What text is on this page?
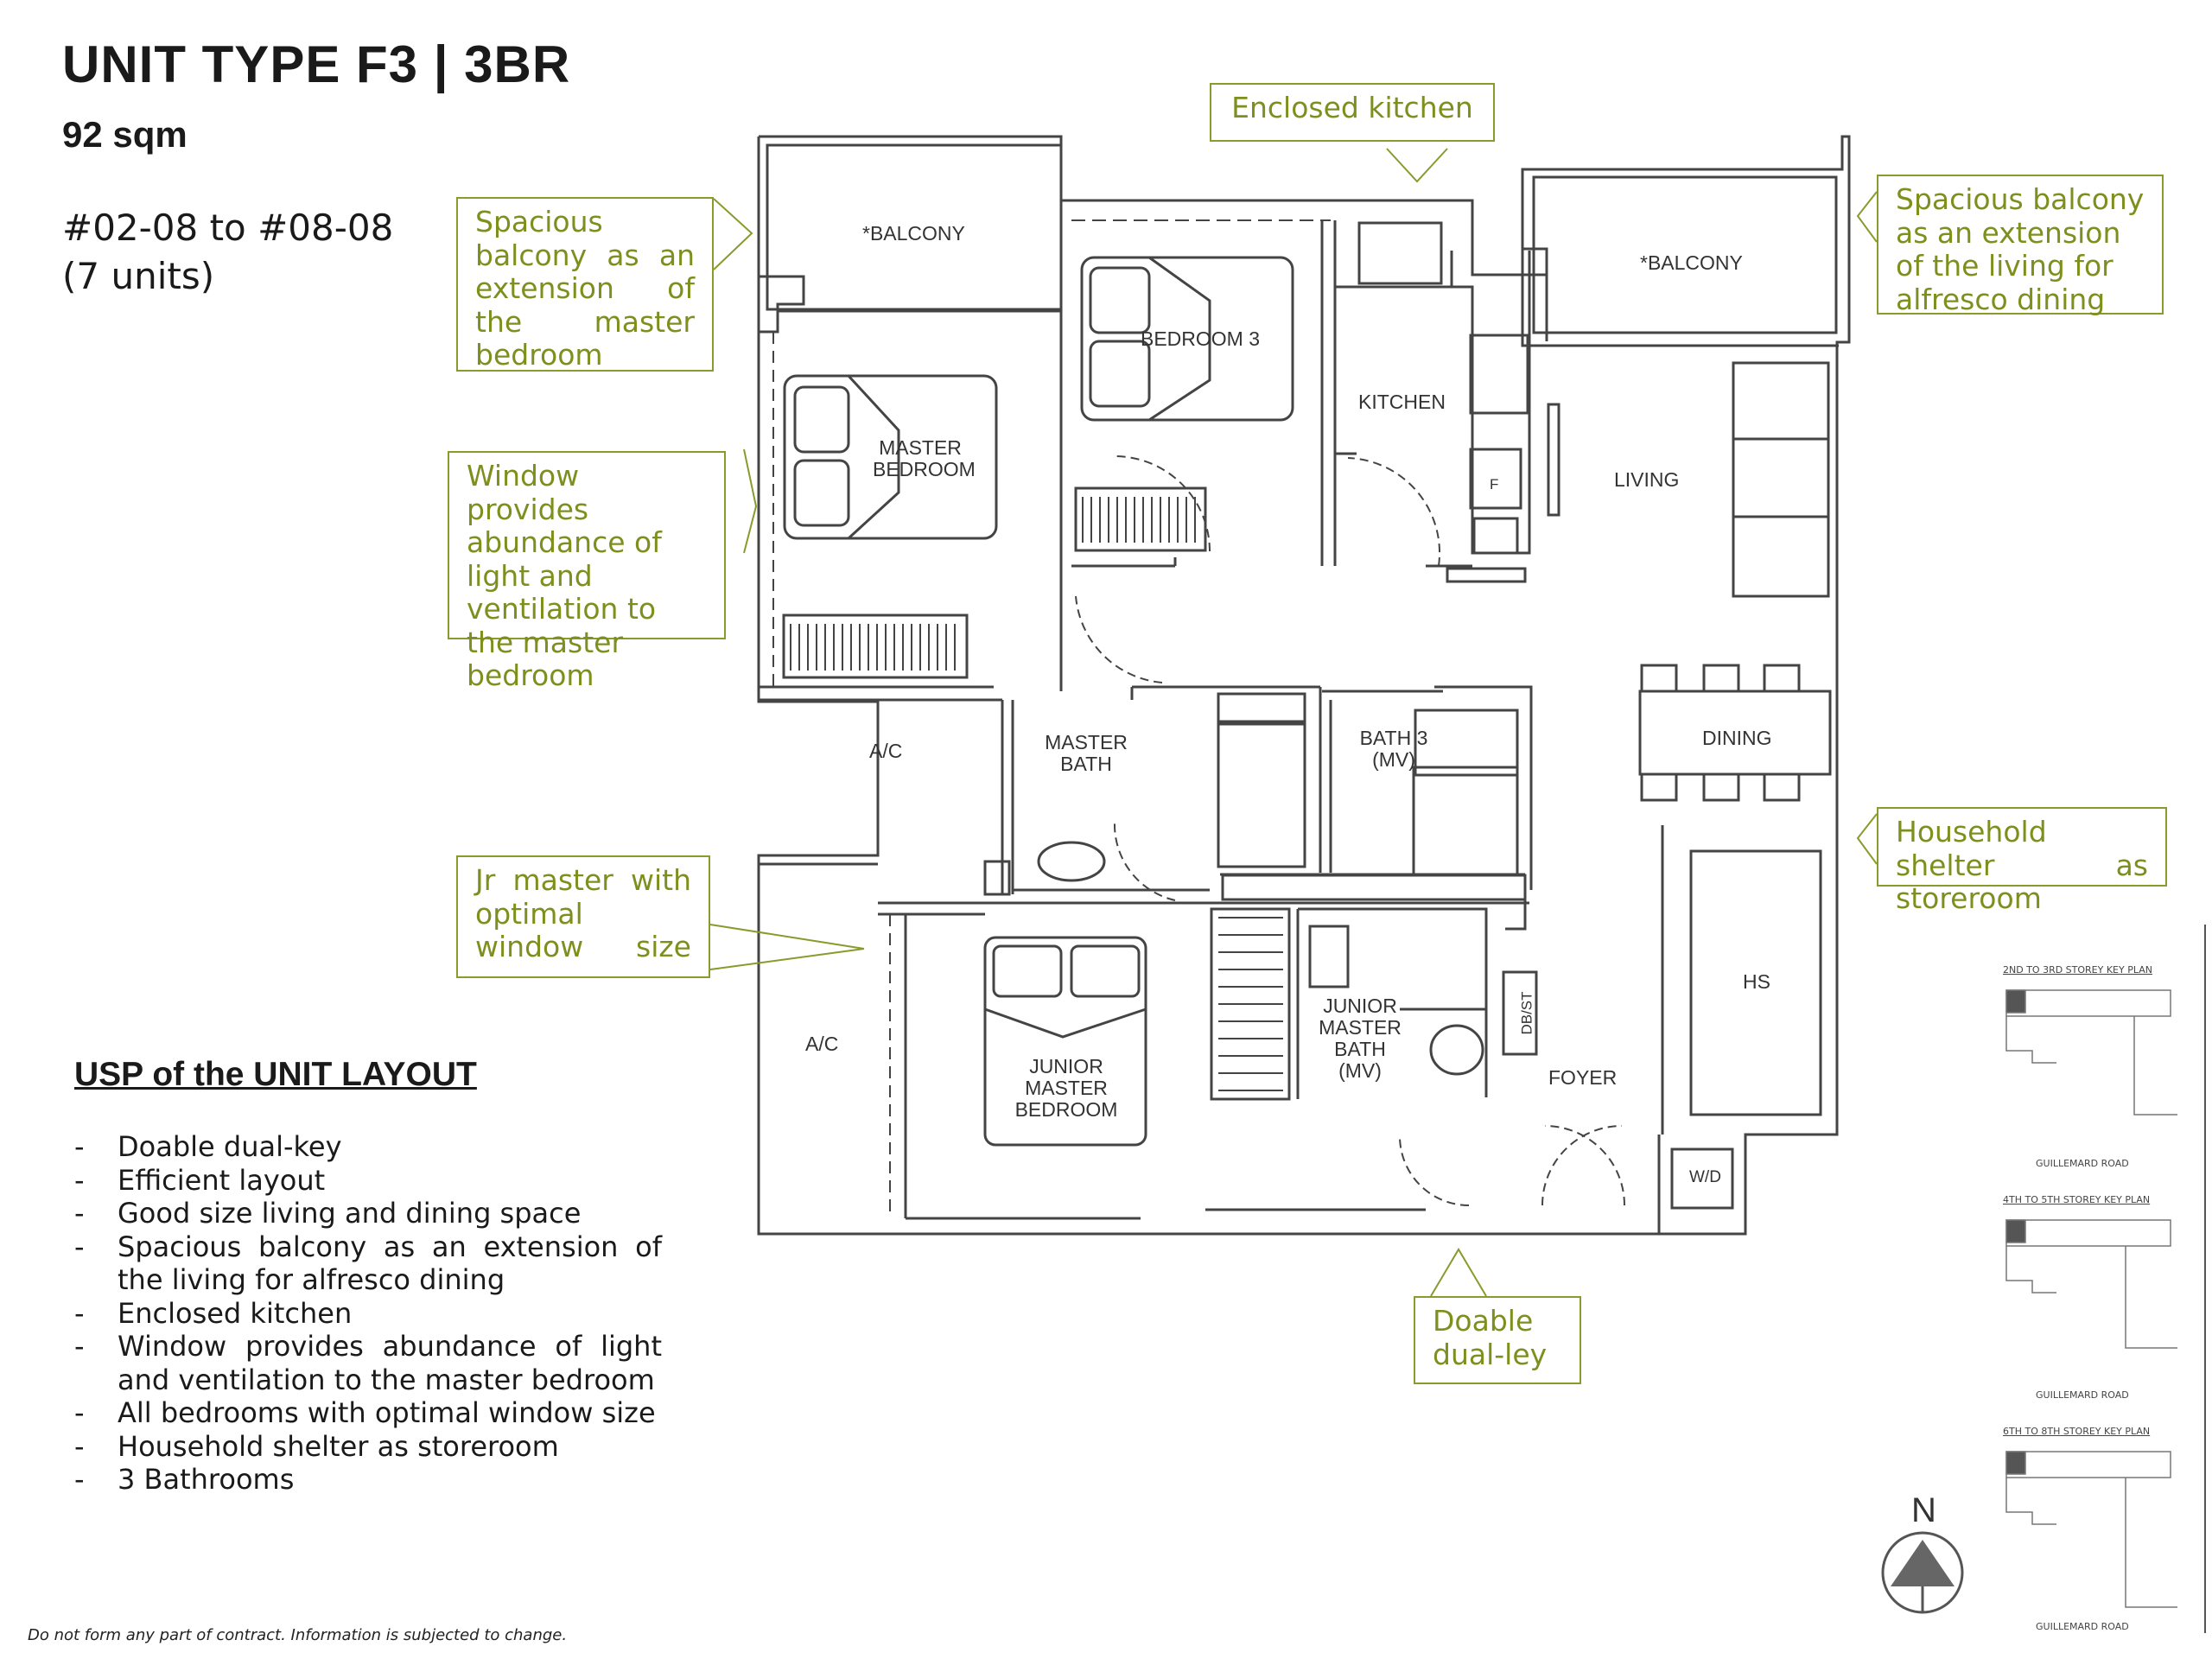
UNIT TYPE F3 | 3BR
92 sqm
#02-08 to #08-08
(7 units)
USP of the UNIT LAYOUT
- Doable dual-key
- Efficient layout
- Good size living and dining space
- Spacious balcony as an extension of the living for alfresco dining
- Enclosed kitchen
- Window provides abundance of light and ventilation to the master bedroom
- All bedrooms with optimal window size
- Household shelter as storeroom
- 3 Bathrooms
Do not form any part of contract. Information is subjected to change.
*BALCONY
BEDROOM 3
KITCHEN
MASTER BEDROOM
*BALCONY
LIVING
A/C	MASTER BATH
BATH 3 (MV)
DINING
HS
A/C
JUNIOR MASTER BEDROOM
JUNIOR MASTER BATH (MV)
DB/ST
FOYER
W/D
F
Enclosed kitchen
Spacious balcony as an extension of the master bedroom
Window provides abundance of light and ventilation to the master bedroom
Jr master with optimal window size
Spacious balcony as an extension of the living for alfresco dining
Household shelter as storeroom
Doable dual-ley
2ND TO 3RD STOREY KEY PLAN
GUILLEMARD ROAD
4TH TO 5TH STOREY KEY PLAN
GUILLEMARD ROAD
6TH TO 8TH STOREY KEY PLAN
GUILLEMARD ROAD
N
